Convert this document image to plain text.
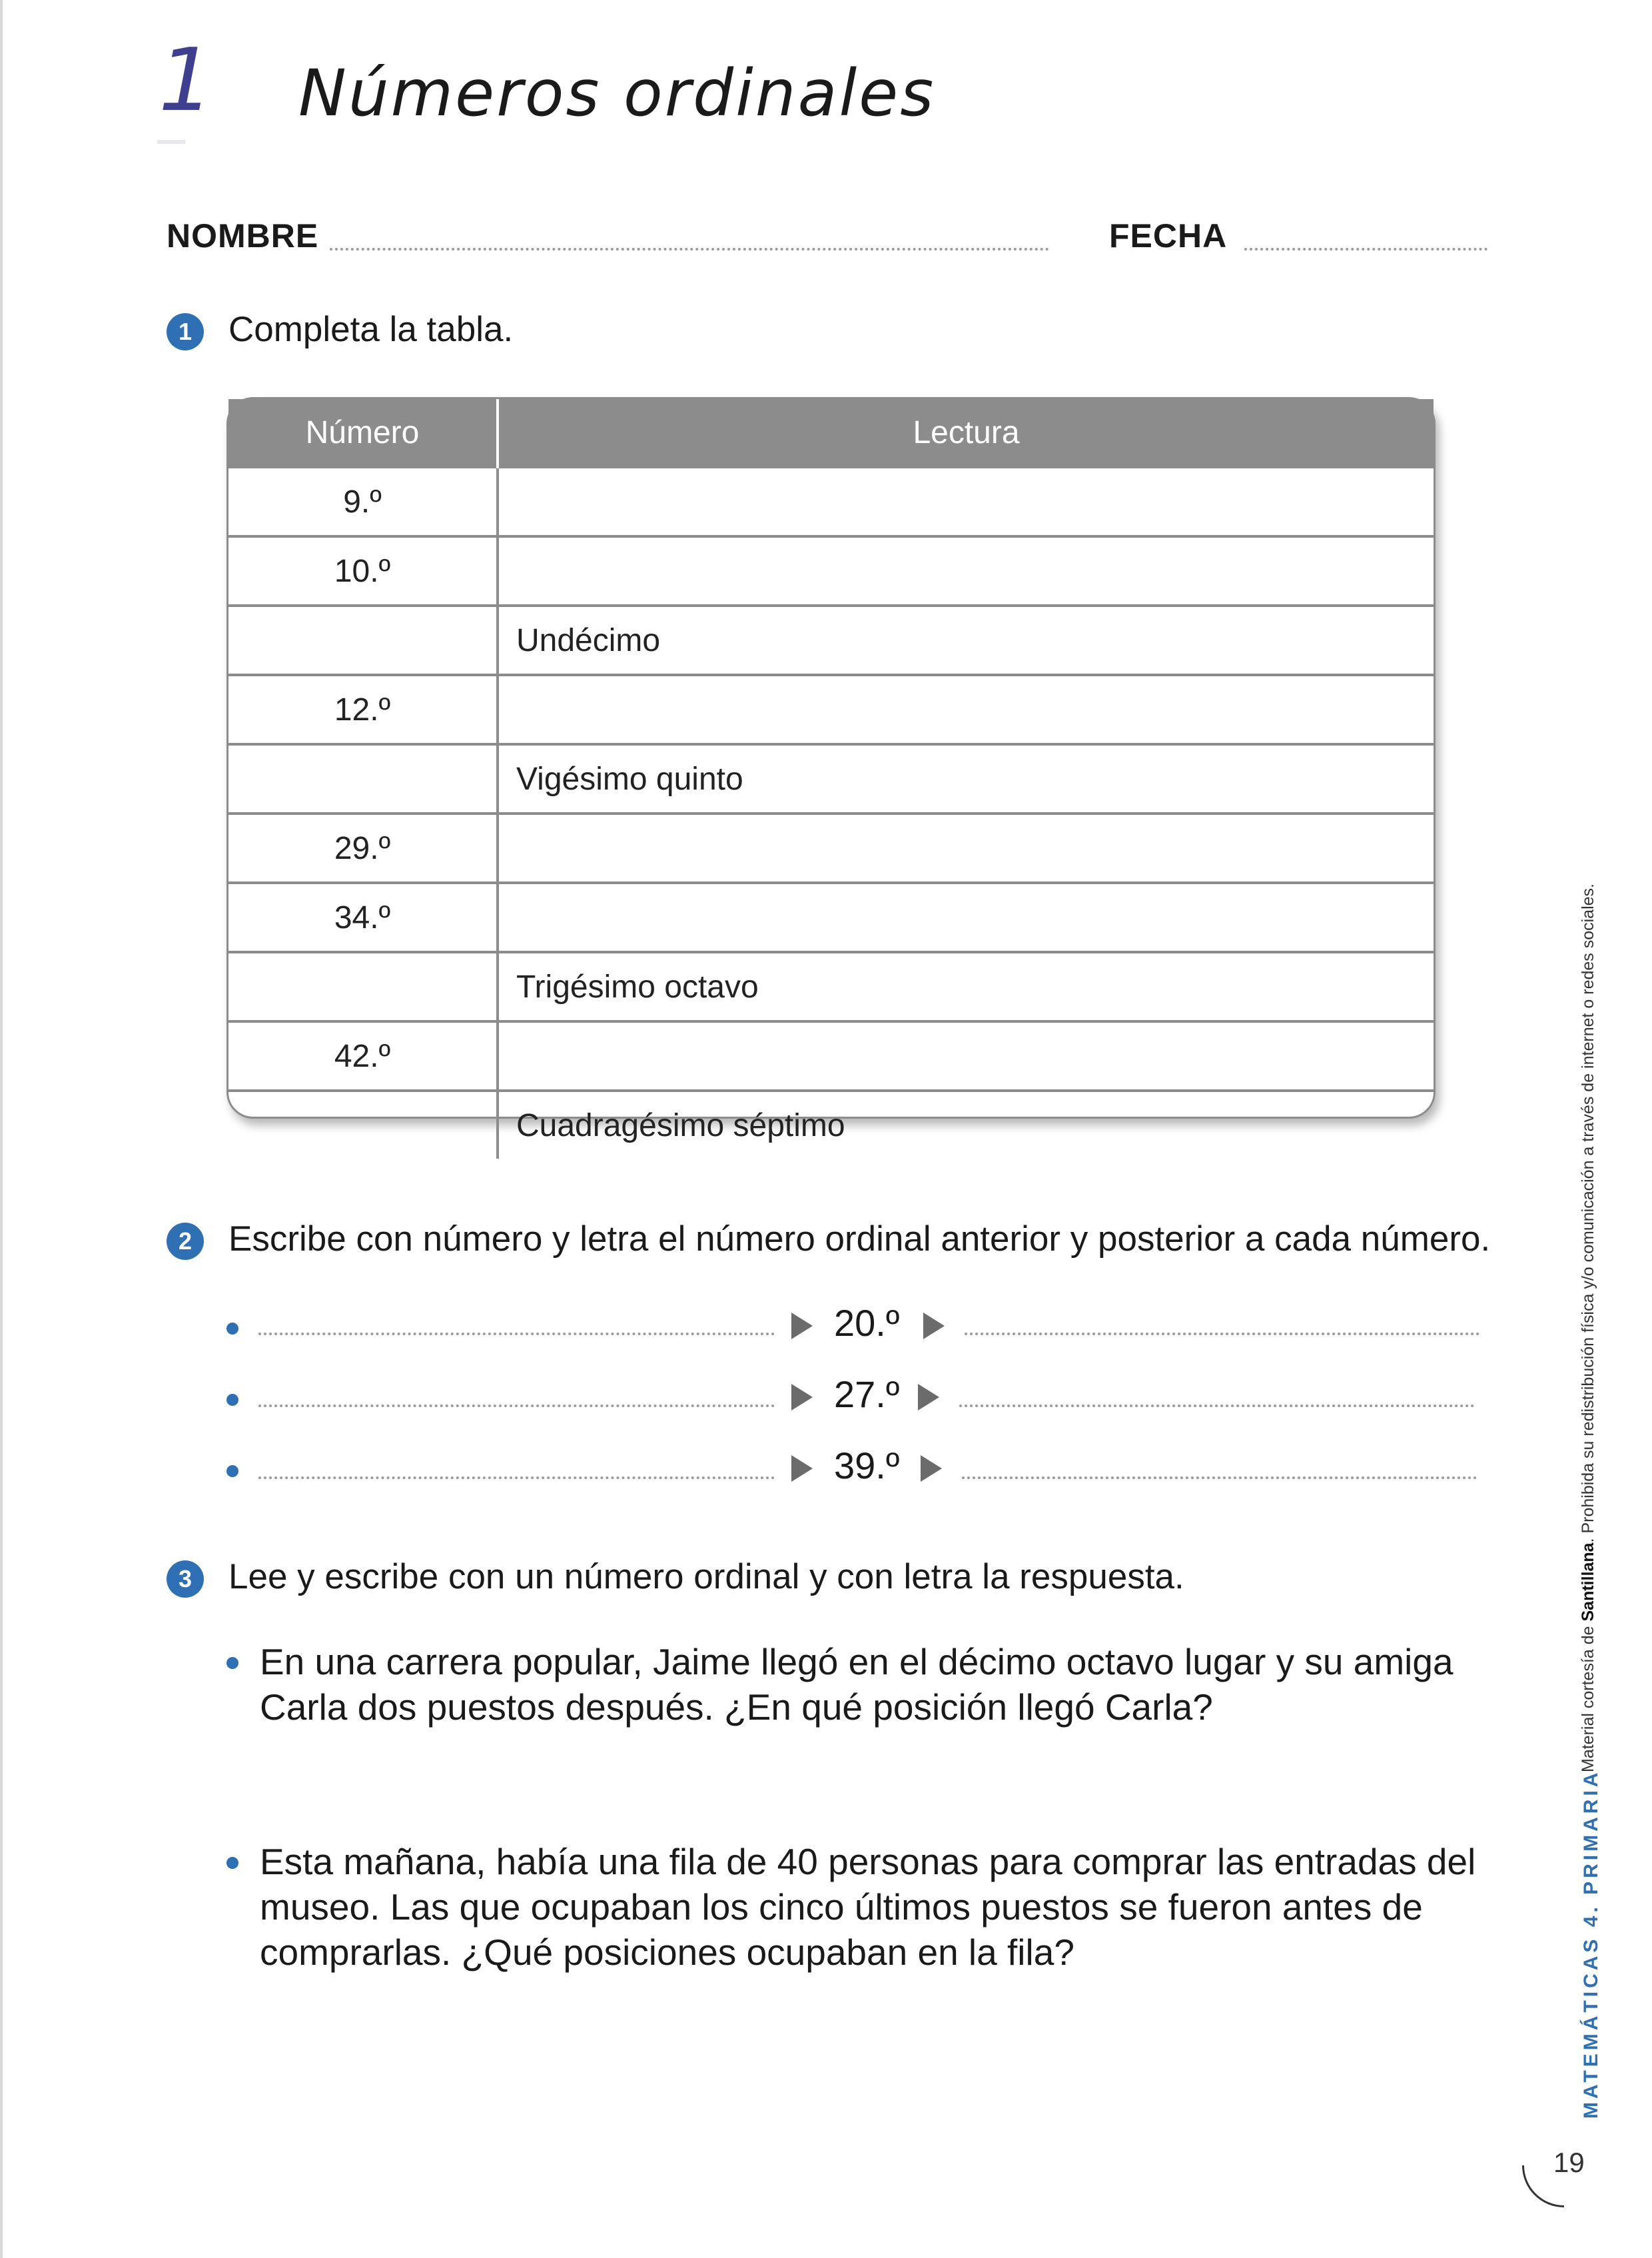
1 Números ordinales
NOMBRE	FECHA
1	Completa la tabla.
Número	Lectura
9.º	
10.º	
	Undécimo
12.º	
	Vigésimo quinto
29.º	
34.º	
	Trigésimo octavo
42.º	
	Cuadragésimo séptimo
2	Escribe con número y letra el número ordinal anterior y posterior a cada número.
20.º
27.º
39.º
3	Lee y escribe con un número ordinal y con letra la respuesta.
En una carrera popular, Jaime llegó en el décimo octavo lugar y su amiga Carla dos puestos después. ¿En qué posición llegó Carla?
Esta mañana, había una fila de 40 personas para comprar las entradas del museo. Las que ocupaban los cinco últimos puestos se fueron antes de comprarlas. ¿Qué posiciones ocupaban en la fila?
Material cortesía de Santillana. Prohibida su redistribución física y/o comunicación a través de internet o redes sociales.
MATEMÁTICAS 4. PRIMARIA
19
